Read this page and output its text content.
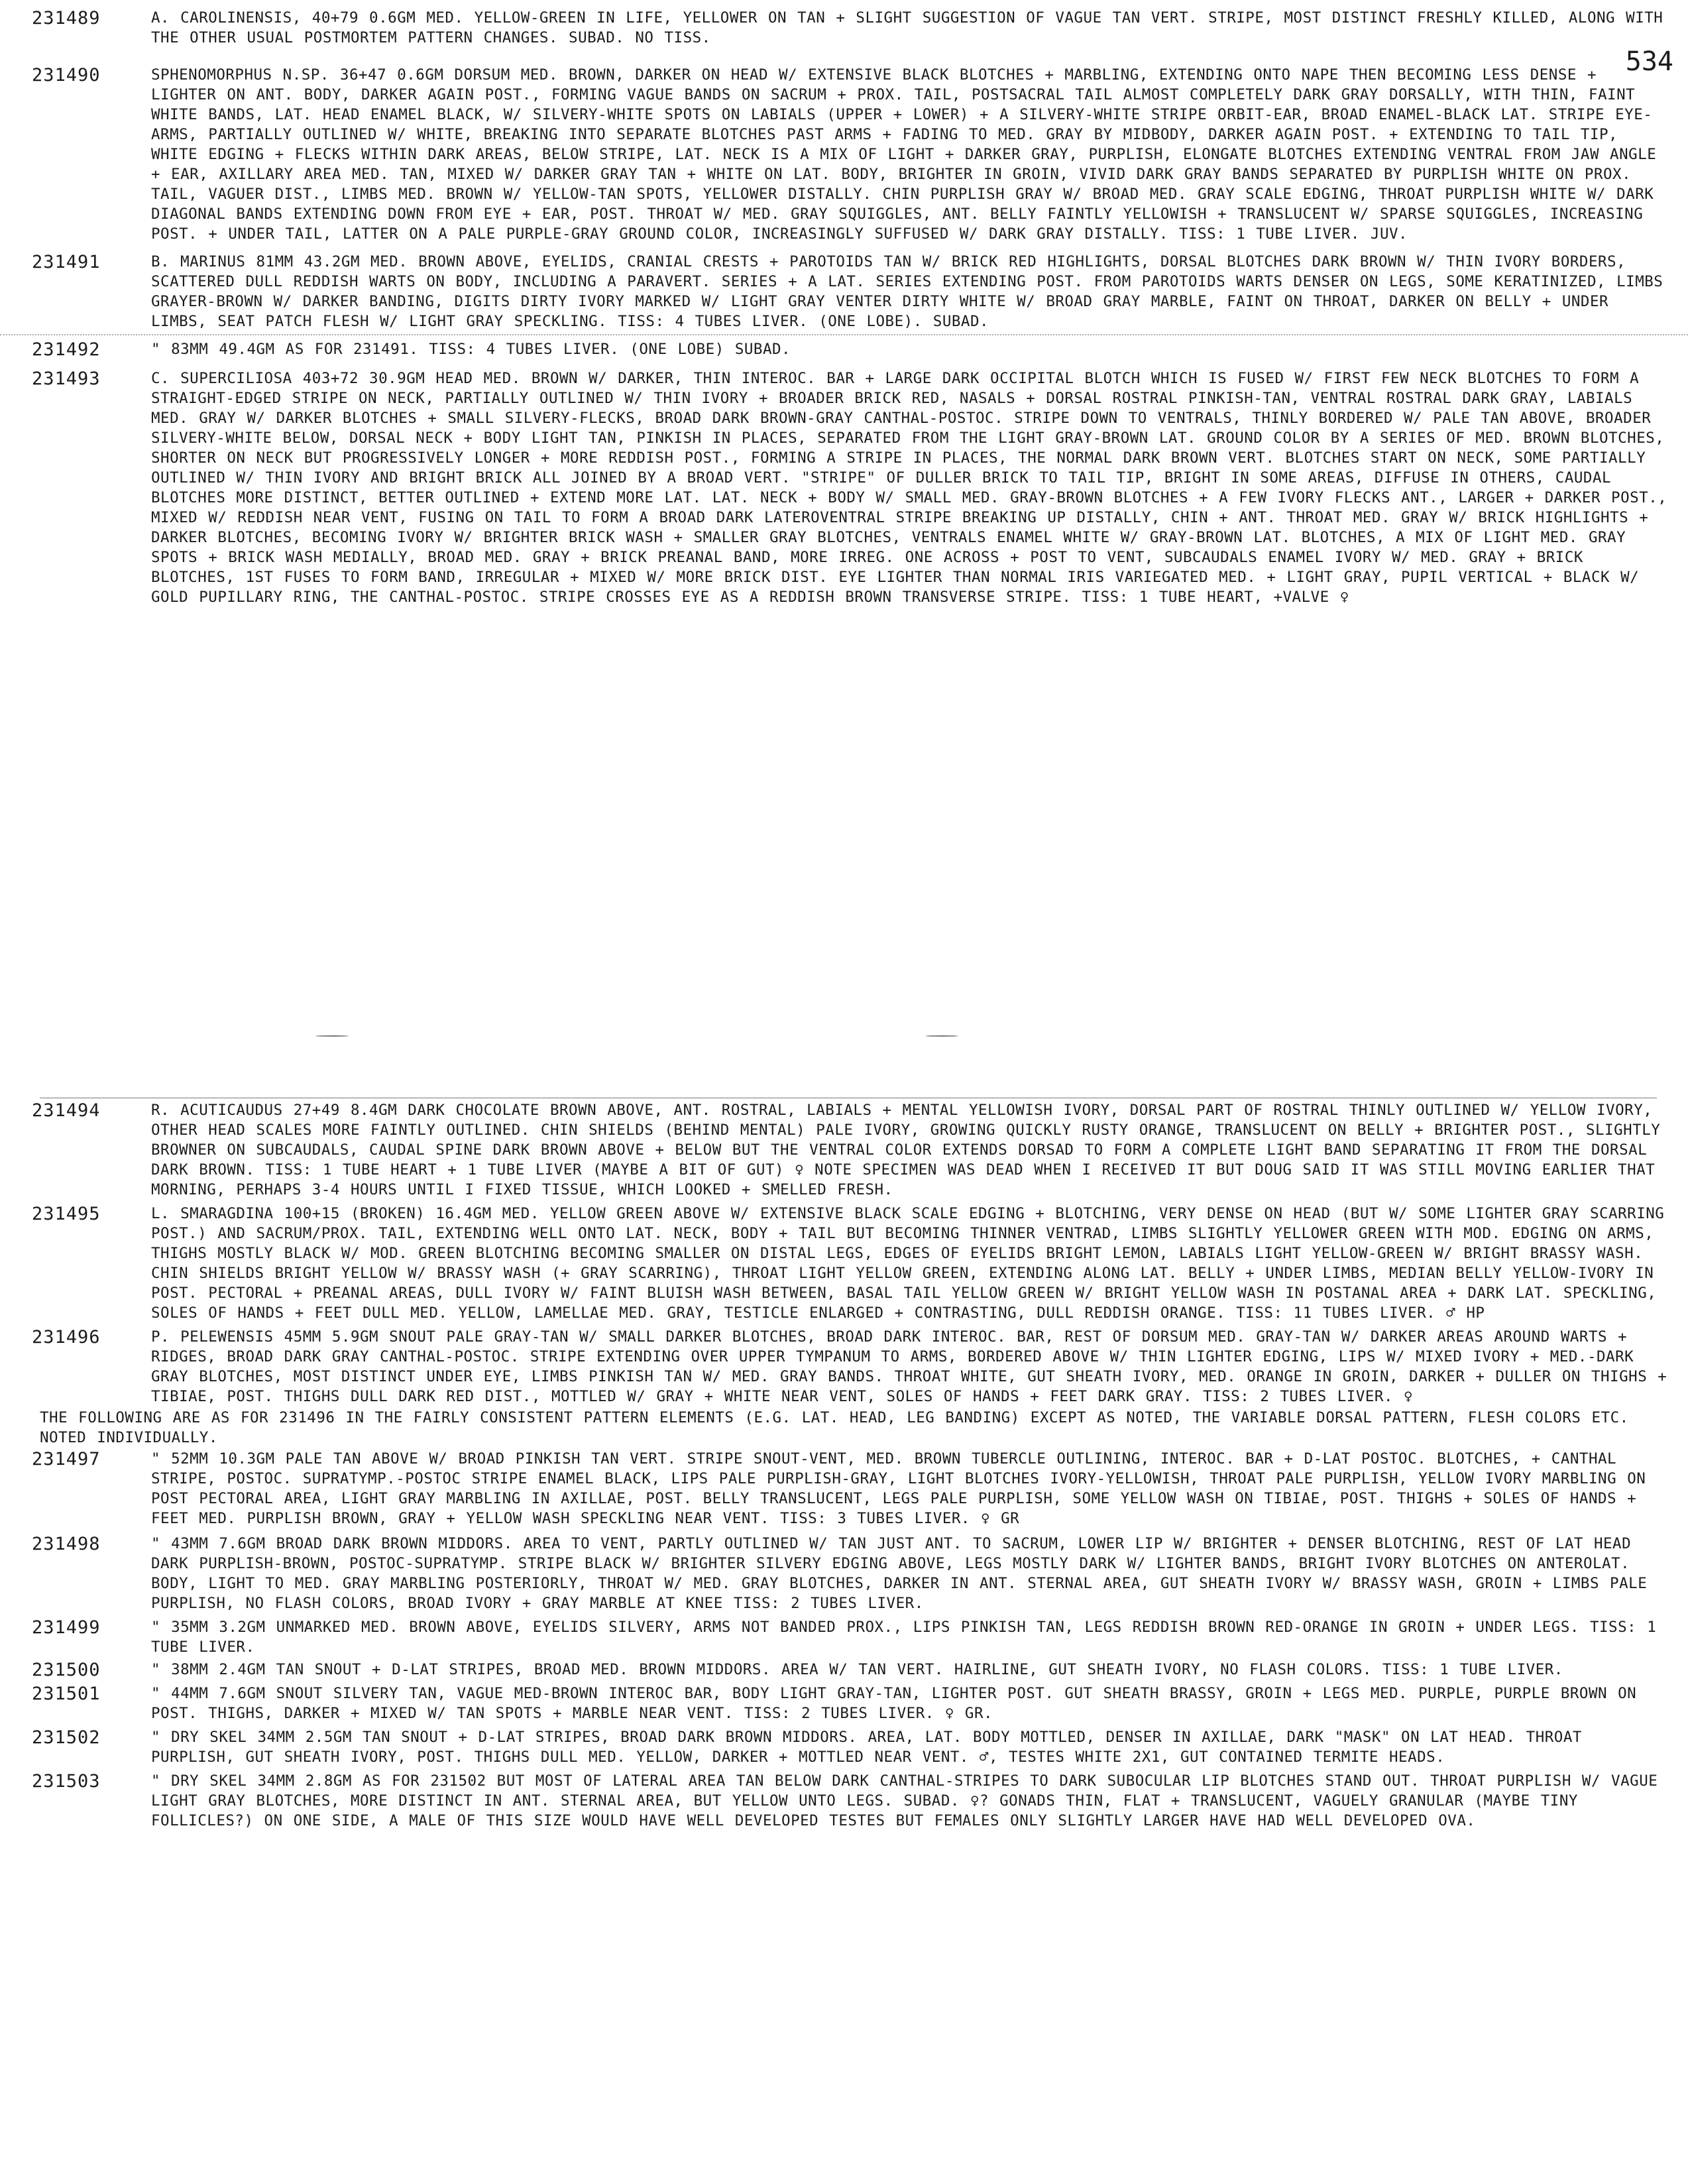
534
231489	A. CAROLINENSIS, 40+79 0.6GM MED. YELLOW-GREEN IN LIFE, YELLOWER ON TAN + SLIGHT SUGGESTION OF VAGUE TAN VERT. STRIPE, MOST DISTINCT FRESHLY KILLED, ALONG WITH THE OTHER USUAL POSTMORTEM PATTERN CHANGES. SUBAD. NO TISS.
231490	SPHENOMORPHUS N.SP. 36+47 0.6GM DORSUM MED. BROWN, DARKER ON HEAD W/ EXTENSIVE BLACK BLOTCHES + MARBLING, EXTENDING ONTO NAPE THEN BECOMING LESS DENSE + LIGHTER ON ANT. BODY, DARKER AGAIN POST., FORMING VAGUE BANDS ON SACRUM + PROX. TAIL, POSTSACRAL TAIL ALMOST COMPLETELY DARK GRAY DORSALLY, WITH THIN, FAINT WHITE BANDS, LAT. HEAD ENAMEL BLACK, W/ SILVERY-WHITE SPOTS ON LABIALS (UPPER + LOWER) + A SILVERY-WHITE STRIPE ORBIT-EAR, BROAD ENAMEL-BLACK LAT. STRIPE EYE-ARMS, PARTIALLY OUTLINED W/ WHITE, BREAKING INTO SEPARATE BLOTCHES PAST ARMS + FADING TO MED. GRAY BY MIDBODY, DARKER AGAIN POST. + EXTENDING TO TAIL TIP, WHITE EDGING + FLECKS WITHIN DARK AREAS, BELOW STRIPE, LAT. NECK IS A MIX OF LIGHT + DARKER GRAY, PURPLISH, ELONGATE BLOTCHES EXTENDING VENTRAL FROM JAW ANGLE + EAR, AXILLARY AREA MED. TAN, MIXED W/ DARKER GRAY TAN + WHITE ON LAT. BODY, BRIGHTER IN GROIN, VIVID DARK GRAY BANDS SEPARATED BY PURPLISH WHITE ON PROX. TAIL, VAGUER DIST., LIMBS MED. BROWN W/ YELLOW-TAN SPOTS, YELLOWER DISTALLY. CHIN PURPLISH GRAY W/ BROAD MED. GRAY SCALE EDGING, THROAT PURPLISH WHITE W/ DARK DIAGONAL BANDS EXTENDING DOWN FROM EYE + EAR, POST. THROAT W/ MED. GRAY SQUIGGLES, ANT. BELLY FAINTLY YELLOWISH + TRANSLUCENT W/ SPARSE SQUIGGLES, INCREASING POST. + UNDER TAIL, LATTER ON A PALE PURPLE-GRAY GROUND COLOR, INCREASINGLY SUFFUSED W/ DARK GRAY DISTALLY. TISS: 1 TUBE LIVER. JUV.
231491	B. MARINUS 81MM 43.2GM MED. BROWN ABOVE, EYELIDS, CRANIAL CRESTS + PAROTOIDS TAN W/ BRICK RED HIGHLIGHTS, DORSAL BLOTCHES DARK BROWN W/ THIN IVORY BORDERS, SCATTERED DULL REDDISH WARTS ON BODY, INCLUDING A PARAVERT. SERIES + A LAT. SERIES EXTENDING POST. FROM PAROTOIDS WARTS DENSER ON LEGS, SOME KERATINIZED, LIMBS GRAYER-BROWN W/ DARKER BANDING, DIGITS DIRTY IVORY MARKED W/ LIGHT GRAY VENTER DIRTY WHITE W/ BROAD GRAY MARBLE, FAINT ON THROAT, DARKER ON BELLY + UNDER LIMBS, SEAT PATCH FLESH W/ LIGHT GRAY SPECKLING. TISS: 4 TUBES LIVER. (ONE LOBE). SUBAD.
231492	" 83MM 49.4GM AS FOR 231491. TISS: 4 TUBES LIVER. (ONE LOBE) SUBAD.
231493	C. SUPERCILIOSA 403+72 30.9GM HEAD MED. BROWN W/ DARKER, THIN INTEROC. BAR + LARGE DARK OCCIPITAL BLOTCH WHICH IS FUSED W/ FIRST FEW NECK BLOTCHES TO FORM A STRAIGHT-EDGED STRIPE ON NECK, PARTIALLY OUTLINED W/ THIN IVORY + BROADER BRICK RED, NASALS + DORSAL ROSTRAL PINKISH-TAN, VENTRAL ROSTRAL DARK GRAY, LABIALS MED. GRAY W/ DARKER BLOTCHES + SMALL SILVERY-FLECKS, BROAD DARK BROWN-GRAY CANTHAL-POSTOC. STRIPE DOWN TO VENTRALS, THINLY BORDERED W/ PALE TAN ABOVE, BROADER SILVERY-WHITE BELOW, DORSAL NECK + BODY LIGHT TAN, PINKISH IN PLACES, SEPARATED FROM THE LIGHT GRAY-BROWN LAT. GROUND COLOR BY A SERIES OF MED. BROWN BLOTCHES, SHORTER ON NECK BUT PROGRESSIVELY LONGER + MORE REDDISH POST., FORMING A STRIPE IN PLACES, THE NORMAL DARK BROWN VERT. BLOTCHES START ON NECK, SOME PARTIALLY OUTLINED W/ THIN IVORY AND BRIGHT BRICK ALL JOINED BY A BROAD VERT. "STRIPE" OF DULLER BRICK TO TAIL TIP, BRIGHT IN SOME AREAS, DIFFUSE IN OTHERS, CAUDAL BLOTCHES MORE DISTINCT, BETTER OUTLINED + EXTEND MORE LAT. LAT. NECK + BODY W/ SMALL MED. GRAY-BROWN BLOTCHES + A FEW IVORY FLECKS ANT., LARGER + DARKER POST., MIXED W/ REDDISH NEAR VENT, FUSING ON TAIL TO FORM A BROAD DARK LATEROVENTRAL STRIPE BREAKING UP DISTALLY, CHIN + ANT. THROAT MED. GRAY W/ BRICK HIGHLIGHTS + DARKER BLOTCHES, BECOMING IVORY W/ BRIGHTER BRICK WASH + SMALLER GRAY BLOTCHES, VENTRALS ENAMEL WHITE W/ GRAY-BROWN LAT. BLOTCHES, A MIX OF LIGHT MED. GRAY SPOTS + BRICK WASH MEDIALLY, BROAD MED. GRAY + BRICK PREANAL BAND, MORE IRREG. ONE ACROSS + POST TO VENT, SUBCAUDALS ENAMEL IVORY W/ MED. GRAY + BRICK BLOTCHES, 1ST FUSES TO FORM BAND, IRREGULAR + MIXED W/ MORE BRICK DIST. EYE LIGHTER THAN NORMAL IRIS VARIEGATED MED. + LIGHT GRAY, PUPIL VERTICAL + BLACK W/ GOLD PUPILLARY RING, THE CANTHAL-POSTOC. STRIPE CROSSES EYE AS A REDDISH BROWN TRANSVERSE STRIPE. TISS: 1 TUBE HEART, +VALVE ♀
231494	R. ACUTICAUDUS 27+49 8.4GM DARK CHOCOLATE BROWN ABOVE, ANT. ROSTRAL, LABIALS + MENTAL YELLOWISH IVORY, DORSAL PART OF ROSTRAL THINLY OUTLINED W/ YELLOW IVORY, OTHER HEAD SCALES MORE FAINTLY OUTLINED. CHIN SHIELDS (BEHIND MENTAL) PALE IVORY, GROWING QUICKLY RUSTY ORANGE, TRANSLUCENT ON BELLY + BRIGHTER POST., SLIGHTLY BROWNER ON SUBCAUDALS, CAUDAL SPINE DARK BROWN ABOVE + BELOW BUT THE VENTRAL COLOR EXTENDS DORSAD TO FORM A COMPLETE LIGHT BAND SEPARATING IT FROM THE DORSAL DARK BROWN. TISS: 1 TUBE HEART + 1 TUBE LIVER (MAYBE A BIT OF GUT) ♀ NOTE SPECIMEN WAS DEAD WHEN I RECEIVED IT BUT DOUG SAID IT WAS STILL MOVING EARLIER THAT MORNING, PERHAPS 3-4 HOURS UNTIL I FIXED TISSUE, WHICH LOOKED + SMELLED FRESH.
231495	L. SMARAGDINA 100+15 (BROKEN) 16.4GM MED. YELLOW GREEN ABOVE W/ EXTENSIVE BLACK SCALE EDGING + BLOTCHING, VERY DENSE ON HEAD (BUT W/ SOME LIGHTER GRAY SCARRING POST.) AND SACRUM/PROX. TAIL, EXTENDING WELL ONTO LAT. NECK, BODY + TAIL BUT BECOMING THINNER VENTRAD, LIMBS SLIGHTLY YELLOWER GREEN WITH MOD. EDGING ON ARMS, THIGHS MOSTLY BLACK W/ MOD. GREEN BLOTCHING BECOMING SMALLER ON DISTAL LEGS, EDGES OF EYELIDS BRIGHT LEMON, LABIALS LIGHT YELLOW-GREEN W/ BRIGHT BRASSY WASH. CHIN SHIELDS BRIGHT YELLOW W/ BRASSY WASH (+ GRAY SCARRING), THROAT LIGHT YELLOW GREEN, EXTENDING ALONG LAT. BELLY + UNDER LIMBS, MEDIAN BELLY YELLOW-IVORY IN POST. PECTORAL + PREANAL AREAS, DULL IVORY W/ FAINT BLUISH WASH BETWEEN, BASAL TAIL YELLOW GREEN W/ BRIGHT YELLOW WASH IN POSTANAL AREA + DARK LAT. SPECKLING, SOLES OF HANDS + FEET DULL MED. YELLOW, LAMELLAE MED. GRAY, TESTICLE ENLARGED + CONTRASTING, DULL REDDISH ORANGE. TISS: 11 TUBES LIVER. ♂ HP
231496	P. PELEWENSIS 45MM 5.9GM SNOUT PALE GRAY-TAN W/ SMALL DARKER BLOTCHES, BROAD DARK INTEROC. BAR, REST OF DORSUM MED. GRAY-TAN W/ DARKER AREAS AROUND WARTS + RIDGES, BROAD DARK GRAY CANTHAL-POSTOC. STRIPE EXTENDING OVER UPPER TYMPANUM TO ARMS, BORDERED ABOVE W/ THIN LIGHTER EDGING, LIPS W/ MIXED IVORY + MED.-DARK GRAY BLOTCHES, MOST DISTINCT UNDER EYE, LIMBS PINKISH TAN W/ MED. GRAY BANDS. THROAT WHITE, GUT SHEATH IVORY, MED. ORANGE IN GROIN, DARKER + DULLER ON THIGHS + TIBIAE, POST. THIGHS DULL DARK RED DIST., MOTTLED W/ GRAY + WHITE NEAR VENT, SOLES OF HANDS + FEET DARK GRAY. TISS: 2 TUBES LIVER. ♀
THE FOLLOWING ARE AS FOR 231496 IN THE FAIRLY CONSISTENT PATTERN ELEMENTS (E.G. LAT. HEAD, LEG BANDING) EXCEPT AS NOTED, THE VARIABLE DORSAL PATTERN, FLESH COLORS ETC. NOTED INDIVIDUALLY.
231497	" 52MM 10.3GM PALE TAN ABOVE W/ BROAD PINKISH TAN VERT. STRIPE SNOUT-VENT, MED. BROWN TUBERCLE OUTLINING, INTEROC. BAR + D-LAT POSTOC. BLOTCHES, + CANTHAL STRIPE, POSTOC. SUPRATYMP.-POSTOC STRIPE ENAMEL BLACK, LIPS PALE PURPLISH-GRAY, LIGHT BLOTCHES IVORY-YELLOWISH, THROAT PALE PURPLISH, YELLOW IVORY MARBLING ON POST PECTORAL AREA, LIGHT GRAY MARBLING IN AXILLAE, POST. BELLY TRANSLUCENT, LEGS PALE PURPLISH, SOME YELLOW WASH ON TIBIAE, POST. THIGHS + SOLES OF HANDS + FEET MED. PURPLISH BROWN, GRAY + YELLOW WASH SPECKLING NEAR VENT. TISS: 3 TUBES LIVER. ♀ GR
231498	" 43MM 7.6GM BROAD DARK BROWN MIDDORS. AREA TO VENT, PARTLY OUTLINED W/ TAN JUST ANT. TO SACRUM, LOWER LIP W/ BRIGHTER + DENSER BLOTCHING, REST OF LAT HEAD DARK PURPLISH-BROWN, POSTOC-SUPRATYMP. STRIPE BLACK W/ BRIGHTER SILVERY EDGING ABOVE, LEGS MOSTLY DARK W/ LIGHTER BANDS, BRIGHT IVORY BLOTCHES ON ANTEROLAT. BODY, LIGHT TO MED. GRAY MARBLING POSTERIORLY, THROAT W/ MED. GRAY BLOTCHES, DARKER IN ANT. STERNAL AREA, GUT SHEATH IVORY W/ BRASSY WASH, GROIN + LIMBS PALE PURPLISH, NO FLASH COLORS, BROAD IVORY + GRAY MARBLE AT KNEE TISS: 2 TUBES LIVER.
231499	" 35MM 3.2GM UNMARKED MED. BROWN ABOVE, EYELIDS SILVERY, ARMS NOT BANDED PROX., LIPS PINKISH TAN, LEGS REDDISH BROWN RED-ORANGE IN GROIN + UNDER LEGS. TISS: 1 TUBE LIVER.
231500	" 38MM 2.4GM TAN SNOUT + D-LAT STRIPES, BROAD MED. BROWN MIDDORS. AREA W/ TAN VERT. HAIRLINE, GUT SHEATH IVORY, NO FLASH COLORS. TISS: 1 TUBE LIVER.
231501	" 44MM 7.6GM SNOUT SILVERY TAN, VAGUE MED-BROWN INTEROC BAR, BODY LIGHT GRAY-TAN, LIGHTER POST. GUT SHEATH BRASSY, GROIN + LEGS MED. PURPLE, PURPLE BROWN ON POST. THIGHS, DARKER + MIXED W/ TAN SPOTS + MARBLE NEAR VENT. TISS: 2 TUBES LIVER. ♀ GR.
231502	" DRY SKEL 34MM 2.5GM TAN SNOUT + D-LAT STRIPES, BROAD DARK BROWN MIDDORS. AREA, LAT. BODY MOTTLED, DENSER IN AXILLAE, DARK "MASK" ON LAT HEAD. THROAT PURPLISH, GUT SHEATH IVORY, POST. THIGHS DULL MED. YELLOW, DARKER + MOTTLED NEAR VENT. ♂, TESTES WHITE 2X1, GUT CONTAINED TERMITE HEADS.
231503	" DRY SKEL 34MM 2.8GM AS FOR 231502 BUT MOST OF LATERAL AREA TAN BELOW DARK CANTHAL-STRIPES TO DARK SUBOCULAR LIP BLOTCHES STAND OUT. THROAT PURPLISH W/ VAGUE LIGHT GRAY BLOTCHES, MORE DISTINCT IN ANT. STERNAL AREA, BUT YELLOW UNTO LEGS. SUBAD. ♀? GONADS THIN, FLAT + TRANSLUCENT, VAGUELY GRANULAR (MAYBE TINY FOLLICLES?) ON ONE SIDE, A MALE OF THIS SIZE WOULD HAVE WELL DEVELOPED TESTES BUT FEMALES ONLY SLIGHTLY LARGER HAVE HAD WELL DEVELOPED OVA.
